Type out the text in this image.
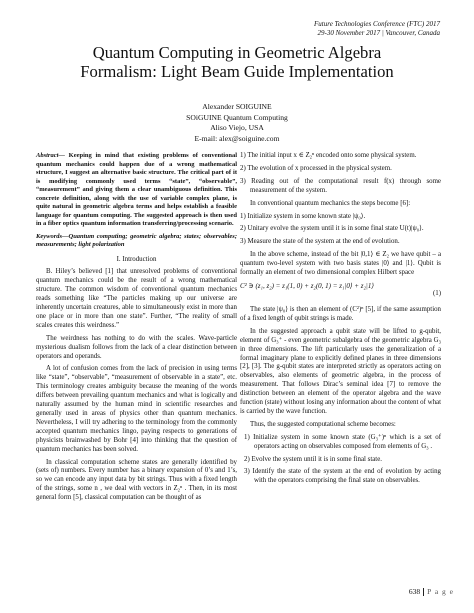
Future Technologies Conference (FTC) 2017
29-30 November 2017 | Vancouver, Canada
Quantum Computing in Geometric Algebra
Formalism: Light Beam Guide Implementation
Alexander SOIGUINE
SOiGUINE Quantum Computing
Aliso Viejo, USA
E-mail: alex@soiguine.com

Abstract— Keeping in mind that existing problems of conventional quantum mechanics could happen due of a wrong mathematical structure, I suggest an alternative basic structure. The critical part of it is modifying commonly used terms “state”, “observable”, “measurement” and giving them a clear unambiguous definition. This concrete definition, along with the use of variable complex plane, is quite natural in geometric algebra terms and helps establish a feasible language for quantum computing. The suggested approach is then used in a fiber optics quantum information transferring/processing scenario.

Keywords—Quantum computing; geometric algebra; states; observables; measurements; light polarization

I. Introduction

B. Hiley’s believed [1] that unresolved problems of conventional quantum mechanics could be the result of a wrong mathematical structure. The common wisdom of conventional quantum mechanics reads something like “The particles making up our universe are inherently uncertain creatures, able to simultaneously exist in more than one place or in more than one state”. Further, “The reality of small scales creates this weirdness.”

The weirdness has nothing to do with the scales. Wave-particle mysterious dualism follows from the lack of a clear distinction between operators and operands.

A lot of confusion comes from the lack of precision in using terms like “state”, “observable”, “measurement of observable in a state”, etc. This terminology creates ambiguity because the meaning of the words differs between prevailing quantum mechanics and what is logically and naturally assumed by the human mind in scientific researches and generally used in areas of physics other than quantum mechanics. Nevertheless, I will try adhering to the terminology from the commonly accepted quantum mechanics lingo, paying respects to generations of physicists brainwashed by Bohr [4] into thinking that the question of quantum mechanics has been solved.

In classical computation scheme states are generally identified by (sets of) numbers. Every number has a binary expansion of 0’s and 1’s, so we can encode any input data by bit strings. Thus with a fixed length of the strings, some n , we deal with vectors in Z₂ⁿ . Then, in its most general form [5], classical computation can be thought of as

1) The initial input x ∈ Z₂ⁿ encoded onto some physical system.

2) The evolution of x processed in the physical system.

3) Reading out of the computational result f(x) through some measurement of the system.

In conventional quantum mechanics the steps become [6]:

1) Initialize system in some known state |ψ₀⟩.

2) Unitary evolve the system until it is in some final state U(t)|ψ₀⟩.

3) Measure the state of the system at the end of evolution.

In the above scheme, instead of the bit |0,1⟩ ∈ Z₂ we have qubit – a quantum two-level system with two basis states |0⟩ and |1⟩. Qubit is formally an element of two dimensional complex Hilbert space

C² ∋ (z₁, z₂) = z₁(1, 0) + z₂(0, 1) = z₁|0⟩ + z₂|1⟩
(1)

The state |ψ₀⟩ is then an element of (C²)ⁿ [5], if the same assumption of a fixed length of qubit strings is made.

In the suggested approach a qubit state will be lifted to g-qubit, element of G₃⁺ - even geometric subalgebra of the geometric algebra G₃ in three dimensions. The lift particularly uses the generalization of a formal imaginary plane to explicitly defined planes in three dimensions [2], [3]. The g-qubit states are interpreted strictly as operators acting on observables, also elements of geometric algebra, in the process of measurement. That follows Dirac’s seminal idea [7] to remove the distinction between an element of the operator algebra and the wave function (state) without losing any information about the content of what is carried by the wave function.

Thus, the suggested computational scheme becomes:

1) Initialize system in some known state (G₃⁺)ⁿ which is a set of operators acting on observables composed from elements of G₃ .

2) Evolve the system until it is in some final state.

3) Identify the state of the system at the end of evolution by acting with the operators comprising the final state on observables.

638 P a g e
